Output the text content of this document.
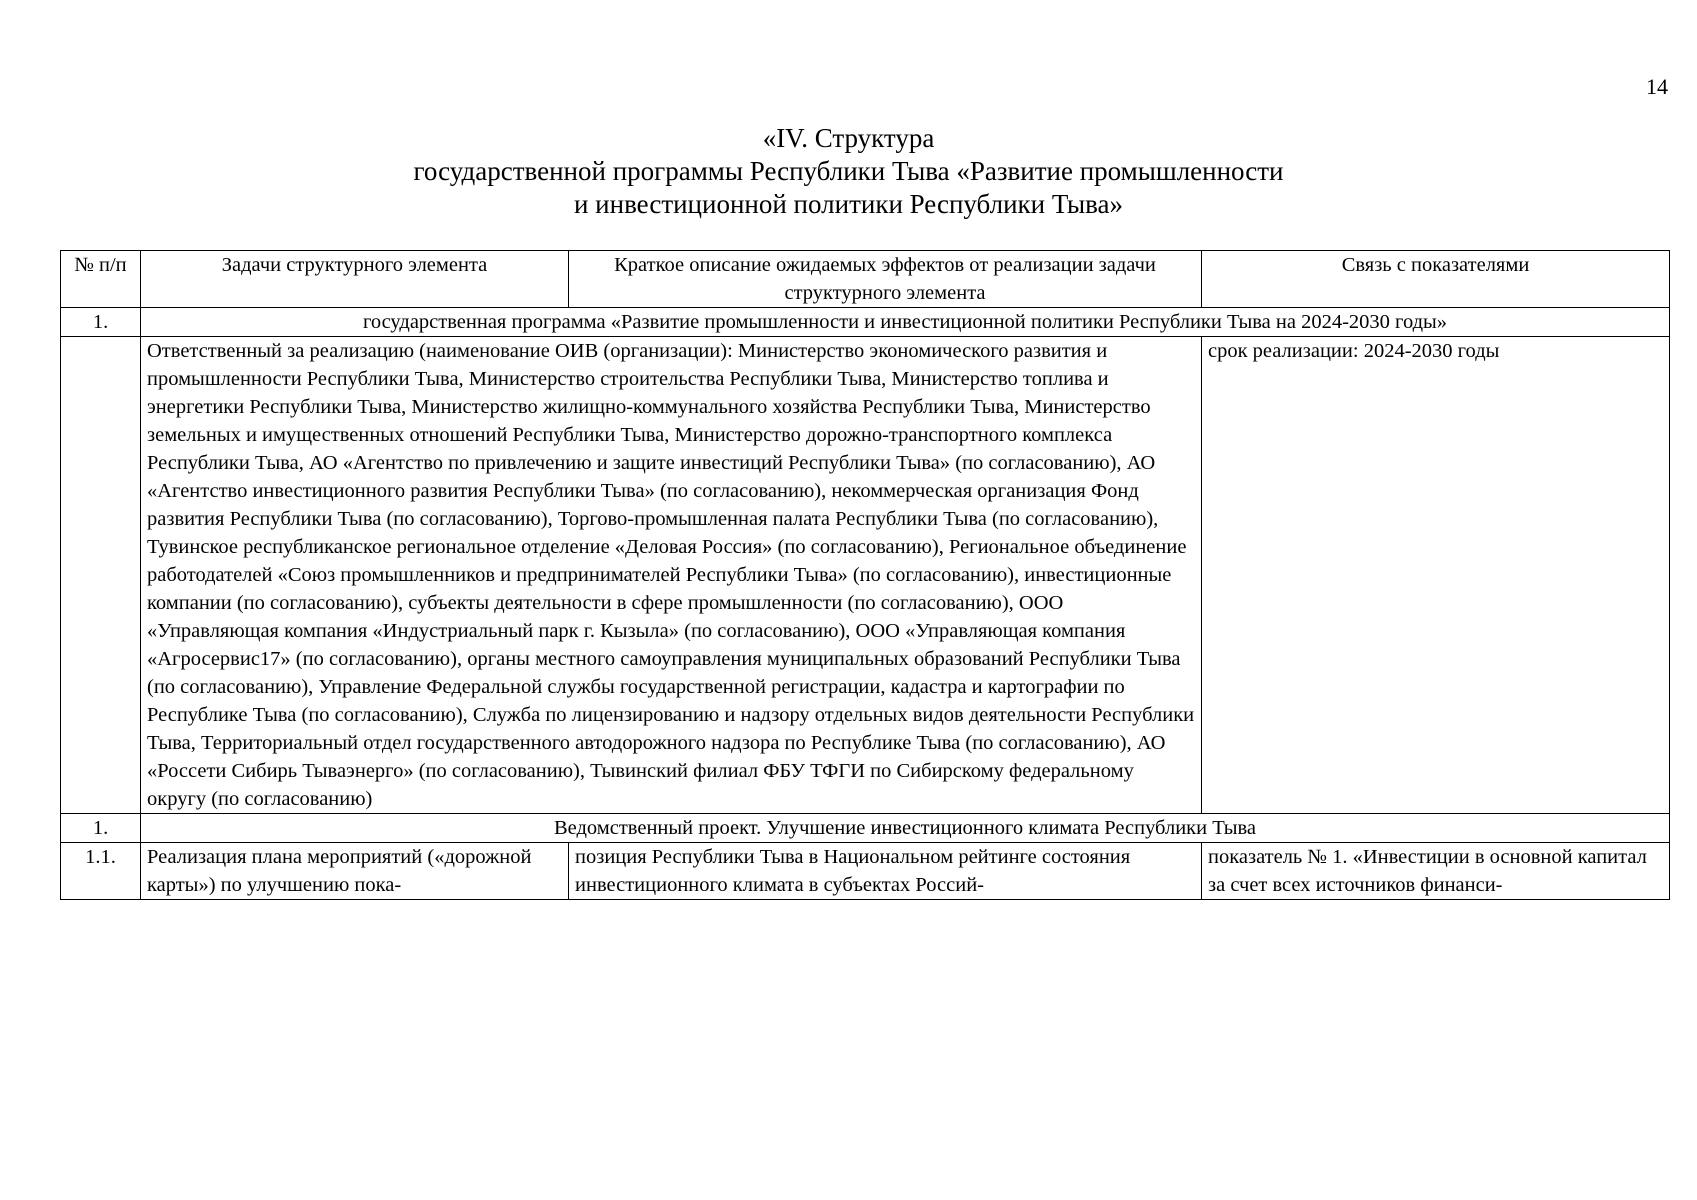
14
«IV. Структура
государственной программы Республики Тыва «Развитие промышленности
и инвестиционной политики Республики Тыва»
№ п/п	Задачи структурного элемента	Краткое описание ожидаемых эффектов от реализации задачи структурного элемента	Связь с показателями
1.	государственная программа «Развитие промышленности и инвестиционной политики Республики Тыва на 2024-2030 годы»		
	Ответственный за реализацию (наименование ОИВ (организации): Министерство экономического развития и промышленности Республики Тыва, Министерство строительства Республики Тыва, Министерство топлива и энергетики Республики Тыва, Министерство жилищно-коммунального хозяйства Республики Тыва, Министерство земельных и имущественных отношений Республики Тыва, Министерство дорожно-транспортного комплекса Республики Тыва, АО «Агентство по привлечению и защите инвестиций Республики Тыва» (по согласованию), АО «Агентство инвестиционного развития Республики Тыва» (по согласованию), некоммерческая организация Фонд развития Республики Тыва (по согласованию), Торгово-промышленная палата Республики Тыва (по согласованию), Тувинское республиканское региональное отделение «Деловая Россия» (по согласованию), Региональное объединение работодателей «Союз промышленников и предпринимателей Республики Тыва» (по согласованию), инвестиционные компании (по согласованию), субъекты деятельности в сфере промышленности (по согласованию), ООО «Управляющая компания «Индустриальный парк г. Кызыла» (по согласованию), ООО «Управляющая компания «Агросервис17» (по согласованию), органы местного самоуправления муниципальных образований Республики Тыва (по согласованию), Управление Федеральной службы государственной регистрации, кадастра и картографии по Республике Тыва (по согласованию), Служба по лицензированию и надзору отдельных видов деятельности Республики Тыва, Территориальный отдел государственного автодорожного надзора по Республике Тыва (по согласованию), АО «Россети Сибирь Тываэнерго» (по согласованию), Тывинский филиал ФБУ ТФГИ по Сибирскому федеральному округу (по согласованию)		срок реализации: 2024-2030 годы
1.	Ведомственный проект. Улучшение инвестиционного климата Республики Тыва		
1.1.	Реализация плана мероприятий («дорожной карты») по улучшению пока-	позиция Республики Тыва в Национальном рейтинге состояния инвестиционного климата в субъектах Россий-	показатель № 1. «Инвестиции в основной капитал за счет всех источников финанси-
